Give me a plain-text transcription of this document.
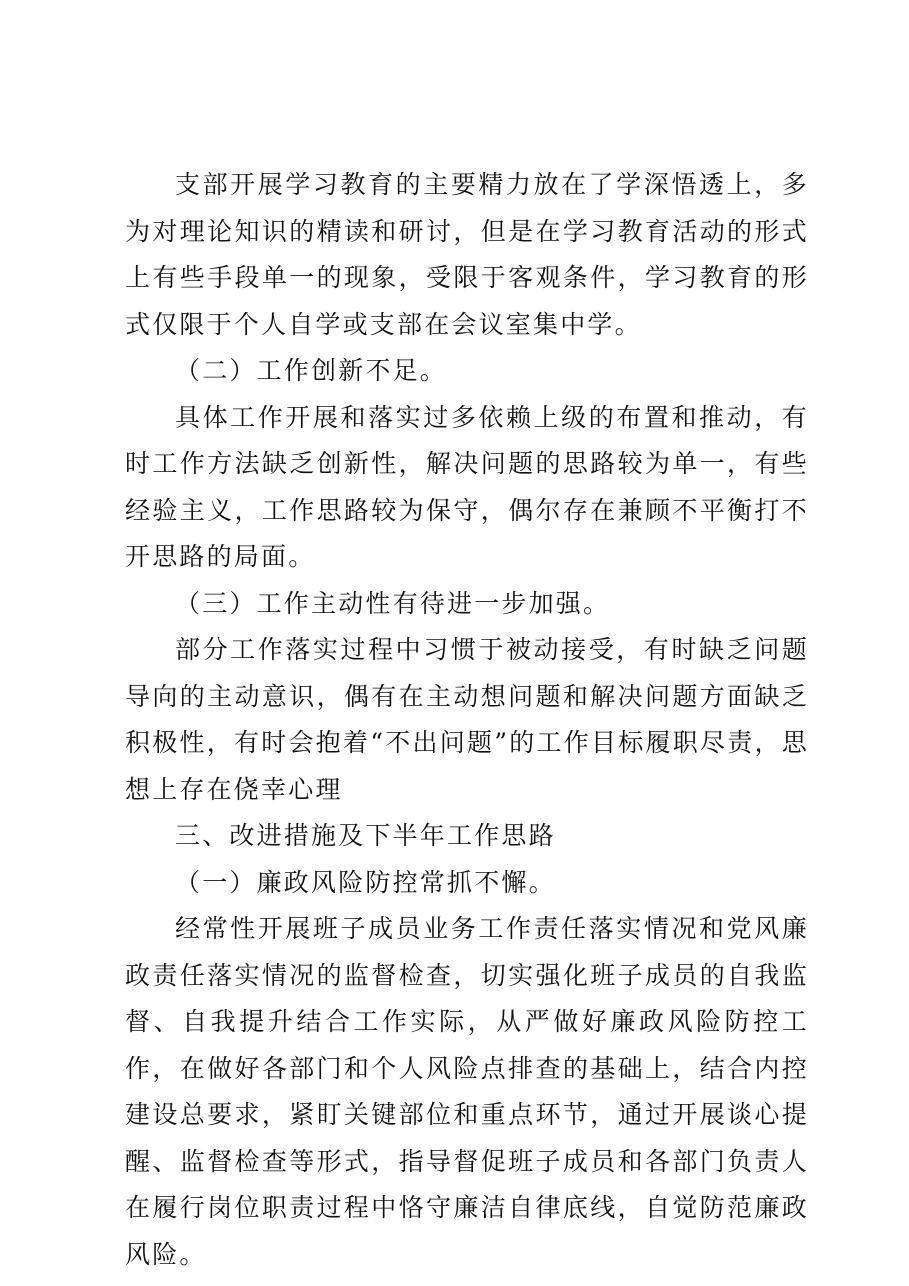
支部开展学习教育的主要精力放在了学深悟透上，多为对理论知识的精读和研讨，但是在学习教育活动的形式上有些手段单一的现象，受限于客观条件，学习教育的形式仅限于个人自学或支部在会议室集中学。

（二）工作创新不足。

具体工作开展和落实过多依赖上级的布置和推动，有时工作方法缺乏创新性，解决问题的思路较为单一，有些经验主义，工作思路较为保守，偶尔存在兼顾不平衡打不开思路的局面。

（三）工作主动性有待进一步加强。

部分工作落实过程中习惯于被动接受，有时缺乏问题导向的主动意识，偶有在主动想问题和解决问题方面缺乏积极性，有时会抱着“不出问题”的工作目标履职尽责，思想上存在侥幸心理

三、改进措施及下半年工作思路

（一）廉政风险防控常抓不懈。

经常性开展班子成员业务工作责任落实情况和党风廉政责任落实情况的监督检查，切实强化班子成员的自我监督、自我提升结合工作实际，从严做好廉政风险防控工作，在做好各部门和个人风险点排查的基础上，结合内控建设总要求，紧盯关键部位和重点环节，通过开展谈心提醒、监督检查等形式，指导督促班子成员和各部门负责人在履行岗位职责过程中恪守廉洁自律底线，自觉防范廉政风险。
